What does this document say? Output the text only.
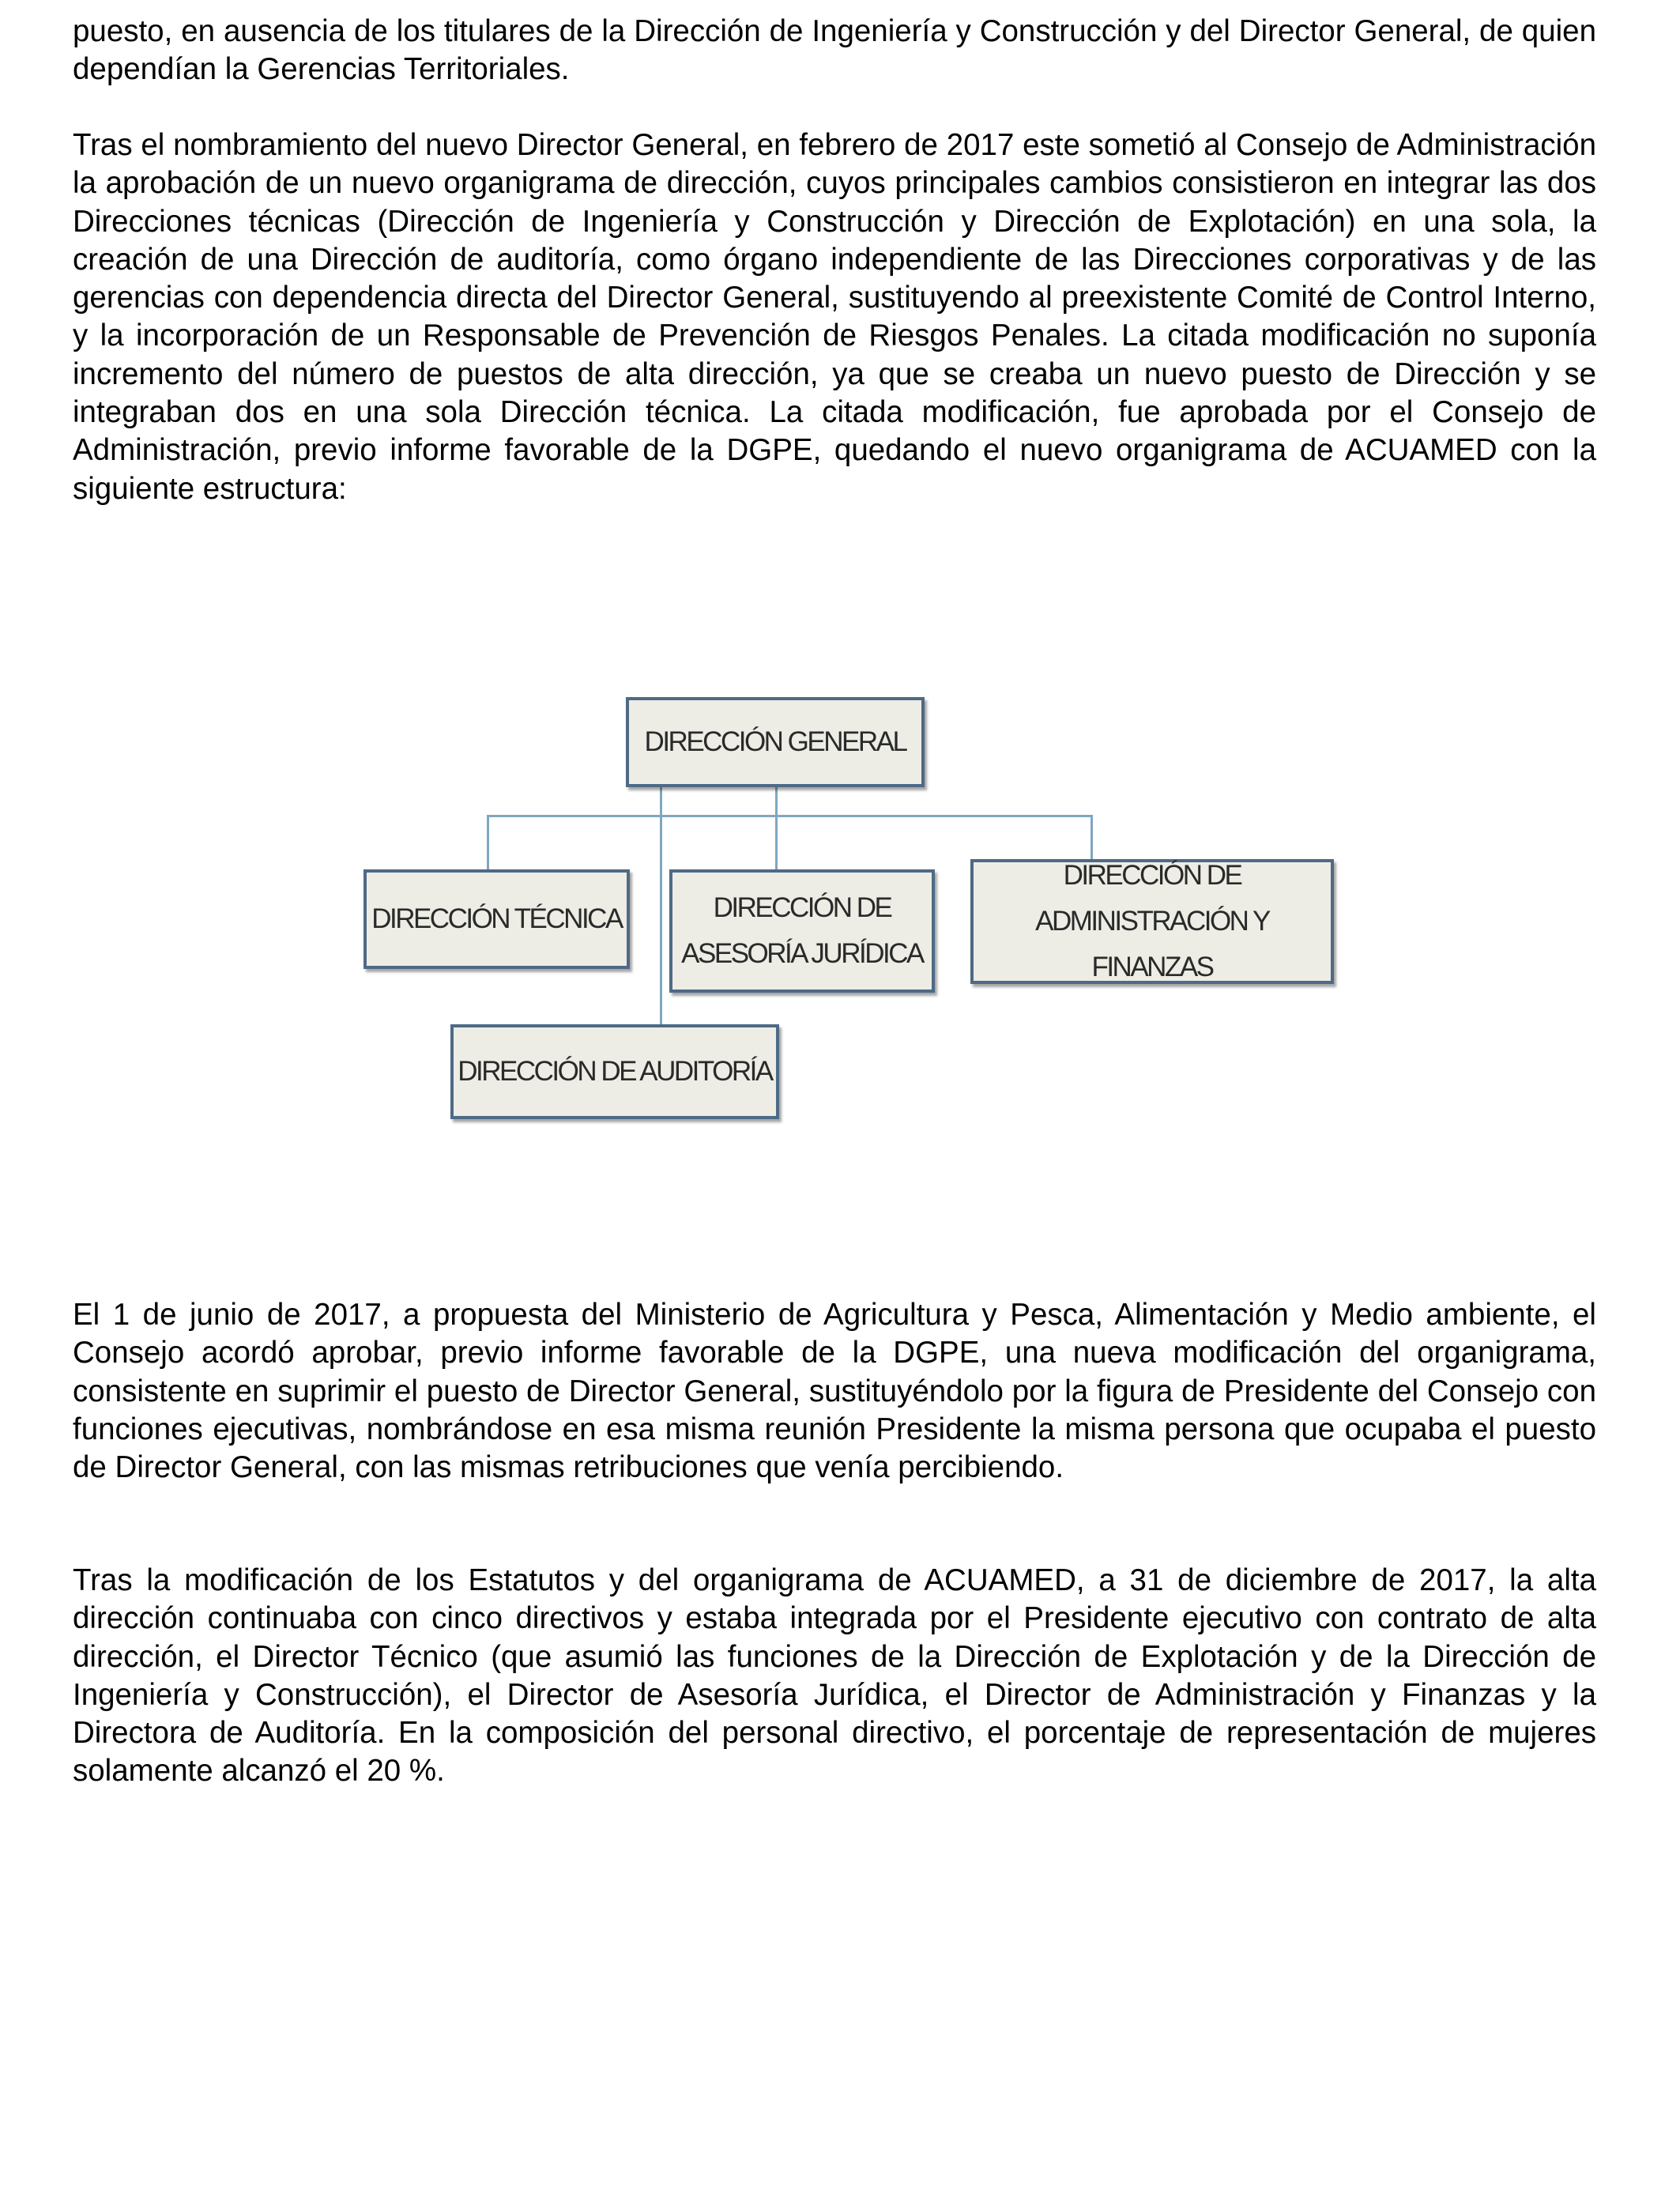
puesto, en ausencia de los titulares de la Dirección de Ingeniería y Construcción y del Director General, de quien dependían la Gerencias Territoriales.

Tras el nombramiento del nuevo Director General, en febrero de 2017 este sometió al Consejo de Administración la aprobación de un nuevo organigrama de dirección, cuyos principales cambios consistieron en integrar las dos Direcciones técnicas (Dirección de Ingeniería y Construcción y Dirección de Explotación) en una sola, la creación de una Dirección de auditoría, como órgano independiente de las Direcciones corporativas y de las gerencias con dependencia directa del Director General, sustituyendo al preexistente Comité de Control Interno, y la incorporación de un Responsable de Prevención de Riesgos Penales. La citada modificación no suponía incremento del número de puestos de alta dirección, ya que se creaba un nuevo puesto de Dirección y se integraban dos en una sola Dirección técnica. La citada modificación, fue aprobada por el Consejo de Administración, previo informe favorable de la DGPE, quedando el nuevo organigrama de ACUAMED con la siguiente estructura:

DIRECCIÓN GENERAL
DIRECCIÓN TÉCNICA	DIRECCIÓN DE
ASESORÍA JURÍDICA
DIRECCIÓN DE
ADMINISTRACIÓN Y FINANZAS
DIRECCIÓN DE AUDITORÍA

El 1 de junio de 2017, a propuesta del Ministerio de Agricultura y Pesca, Alimentación y Medio ambiente, el Consejo acordó aprobar, previo informe favorable de la DGPE, una nueva modificación del organigrama, consistente en suprimir el puesto de Director General, sustituyéndolo por la figura de Presidente del Consejo con funciones ejecutivas, nombrándose en esa misma reunión Presidente la misma persona que ocupaba el puesto de Director General, con las mismas retribuciones que venía percibiendo.

Tras la modificación de los Estatutos y del organigrama de ACUAMED, a 31 de diciembre de 2017, la alta dirección continuaba con cinco directivos y estaba integrada por el Presidente ejecutivo con contrato de alta dirección, el Director Técnico (que asumió las funciones de la Dirección de Explotación y de la Dirección de Ingeniería y Construcción), el Director de Asesoría Jurídica, el Director de Administración y Finanzas y la Directora de Auditoría. En la composición del personal directivo, el porcentaje de representación de mujeres solamente alcanzó el 20 %.
